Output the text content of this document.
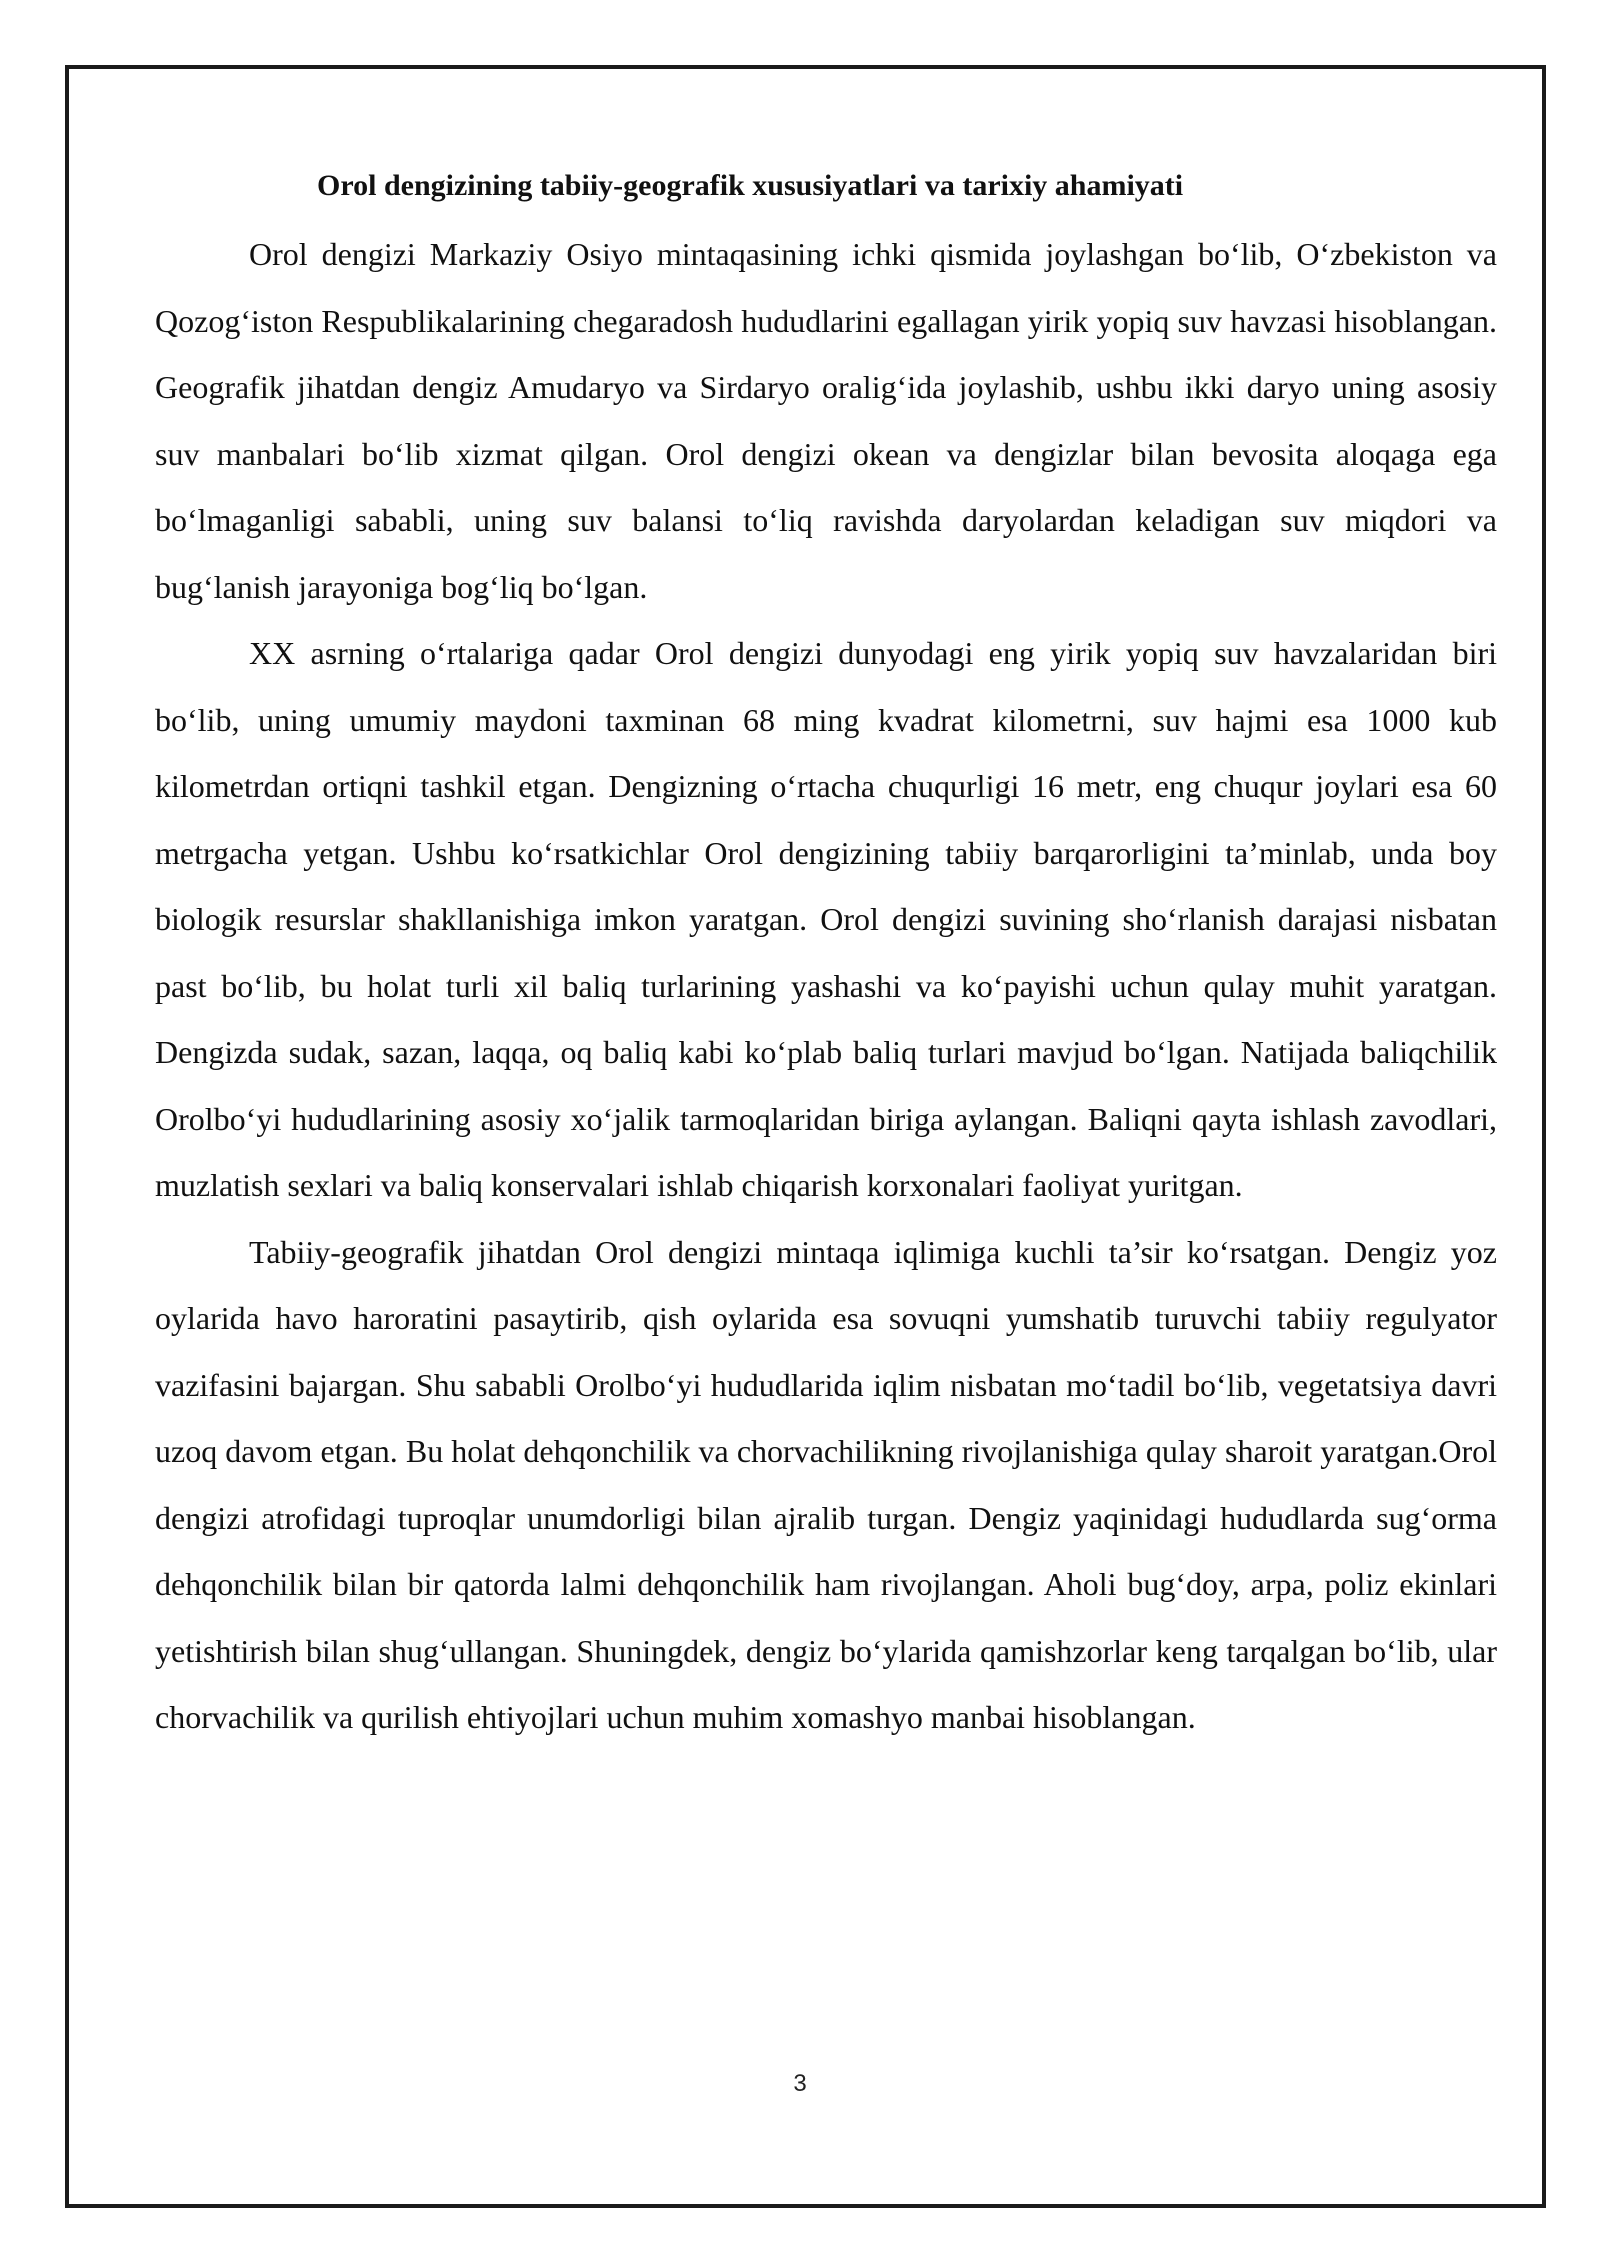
Orol dengizining tabiiy-geografik xususiyatlari va tarixiy ahamiyati

Orol dengizi Markaziy Osiyo mintaqasining ichki qismida joylashgan bo‘lib, O‘zbekiston va Qozog‘iston Respublikalarining chegaradosh hududlarini egallagan yirik yopiq suv havzasi hisoblangan. Geografik jihatdan dengiz Amudaryo va Sirdaryo oralig‘ida joylashib, ushbu ikki daryo uning asosiy suv manbalari bo‘lib xizmat qilgan. Orol dengizi okean va dengizlar bilan bevosita aloqaga ega bo‘lmaganligi sababli, uning suv balansi to‘liq ravishda daryolardan keladigan suv miqdori va bug‘lanish jarayoniga bog‘liq bo‘lgan.

XX asrning o‘rtalariga qadar Orol dengizi dunyodagi eng yirik yopiq suv havzalaridan biri bo‘lib, uning umumiy maydoni taxminan 68 ming kvadrat kilometrni, suv hajmi esa 1000 kub kilometrdan ortiqni tashkil etgan. Dengizning o‘rtacha chuqurligi 16 metr, eng chuqur joylari esa 60 metrgacha yetgan. Ushbu ko‘rsatkichlar Orol dengizining tabiiy barqarorligini ta’minlab, unda boy biologik resurslar shakllanishiga imkon yaratgan. Orol dengizi suvining sho‘rlanish darajasi nisbatan past bo‘lib, bu holat turli xil baliq turlarining yashashi va ko‘payishi uchun qulay muhit yaratgan. Dengizda sudak, sazan, laqqa, oq baliq kabi ko‘plab baliq turlari mavjud bo‘lgan. Natijada baliqchilik Orolbo‘yi hududlarining asosiy xo‘jalik tarmoqlaridan biriga aylangan. Baliqni qayta ishlash zavodlari, muzlatish sexlari va baliq konservalari ishlab chiqarish korxonalari faoliyat yuritgan.

Tabiiy-geografik jihatdan Orol dengizi mintaqa iqlimiga kuchli ta’sir ko‘rsatgan. Dengiz yoz oylarida havo haroratini pasaytirib, qish oylarida esa sovuqni yumshatib turuvchi tabiiy regulyator vazifasini bajargan. Shu sababli Orolbo‘yi hududlarida iqlim nisbatan mo‘tadil bo‘lib, vegetatsiya davri uzoq davom etgan. Bu holat dehqonchilik va chorvachilikning rivojlanishiga qulay sharoit yaratgan.Orol dengizi atrofidagi tuproqlar unumdorligi bilan ajralib turgan. Dengiz yaqinidagi hududlarda sug‘orma dehqonchilik bilan bir qatorda lalmi dehqonchilik ham rivojlangan. Aholi bug‘doy, arpa, poliz ekinlari yetishtirish bilan shug‘ullangan. Shuningdek, dengiz bo‘ylarida qamishzorlar keng tarqalgan bo‘lib, ular chorvachilik va qurilish ehtiyojlari uchun muhim xomashyo manbai hisoblangan.

3
